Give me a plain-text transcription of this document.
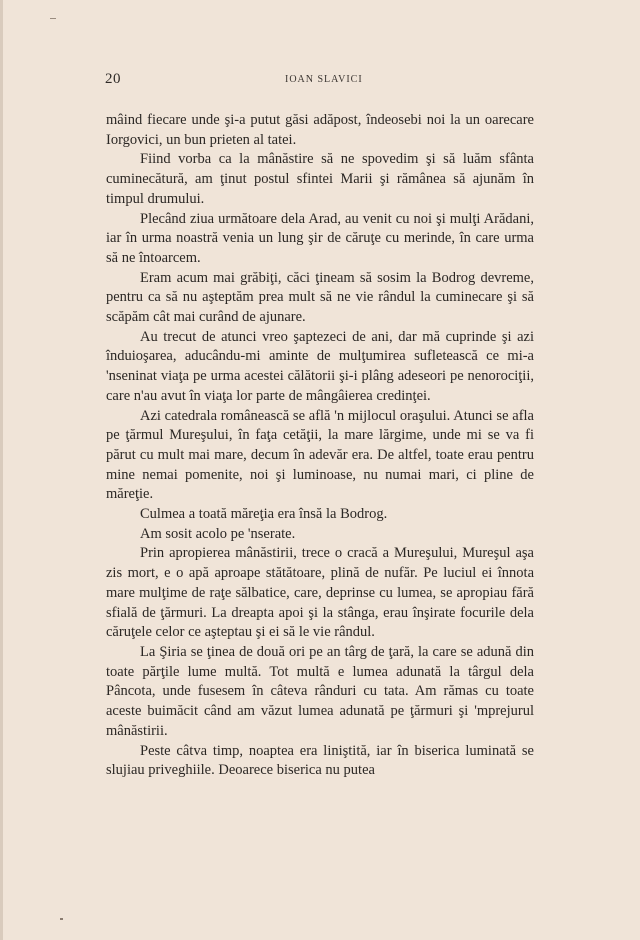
20	IOAN SLAVICI

mâind fiecare unde şi-a putut găsi adăpost, îndeosebi noi la un oarecare Iorgovici, un bun prieten al tatei.

Fiind vorba ca la mânăstire să ne spovedim şi să luăm sfânta cuminecătură, am ţinut postul sfintei Marii şi rămânea să ajunăm în timpul drumului.

Plecând ziua următoare dela Arad, au venit cu noi şi mulţi Arădani, iar în urma noastră venia un lung şir de căruţe cu merinde, în care urma să ne întoarcem.

Eram acum mai grăbiţi, căci ţineam să sosim la Bodrog devreme, pentru ca să nu aşteptăm prea mult să ne vie rândul la cuminecare şi să scăpăm cât mai curând de ajunare.

Au trecut de atunci vreo şaptezeci de ani, dar mă cuprinde şi azi înduioşarea, aducându-mi aminte de mulţumirea sufletească ce mi-a 'nseninat viaţa pe urma acestei călătorii şi-i plâng adeseori pe nenorociţii, care n'au avut în viaţa lor parte de mângâierea credinţei.

Azi catedrala românească se află 'n mijlocul oraşului. Atunci se afla pe ţărmul Mureşului, în faţa cetăţii, la mare lărgime, unde mi se va fi părut cu mult mai mare, decum în adevăr era. De altfel, toate erau pentru mine nemai pomenite, noi şi luminoase, nu numai mari, ci pline de măreţie.

Culmea a toată măreţia era însă la Bodrog.

Am sosit acolo pe 'nserate.

Prin apropierea mânăstirii, trece o cracă a Mureşului, Mureşul aşa zis mort, e o apă aproape stătătoare, plină de nufăr. Pe luciul ei înnota mare mulţime de raţe sălbatice, care, deprinse cu lumea, se apropiau fără sfială de ţărmuri. La dreapta apoi şi la stânga, erau înşirate focurile dela căruţele celor ce aşteptau şi ei să le vie rândul.

La Şiria se ţinea de două ori pe an târg de ţară, la care se adună din toate părţile lume multă. Tot multă e lumea adunată la târgul dela Pâncota, unde fusesem în câteva rânduri cu tata. Am rămas cu toate aceste buimăcit când am văzut lumea adunată pe ţărmuri şi 'mprejurul mânăstirii.

Peste câtva timp, noaptea era liniştită, iar în biserica luminată se slujiau priveghiile. Deoarece biserica nu putea
